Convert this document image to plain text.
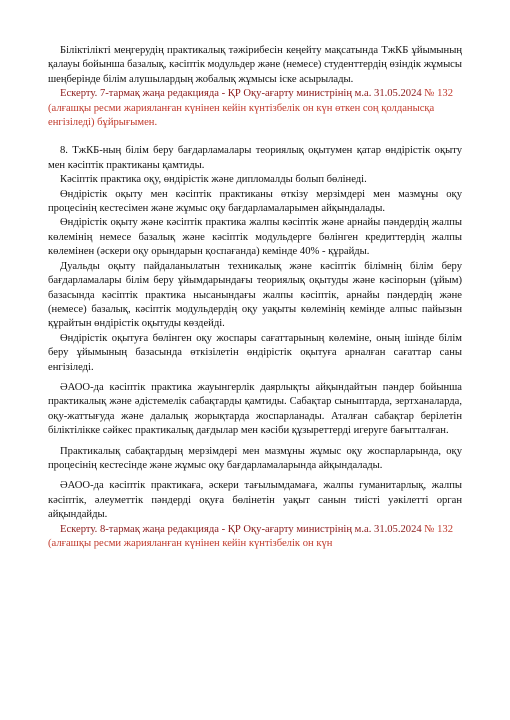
Біліктілікті меңгерудің практикалық тәжірибесін кеңейту мақсатында ТжКБ ұйымының қалауы бойынша базалық, кәсіптік модульдер және (немесе) студенттердің өзіндік жұмысы шеңберінде білім алушылардың жобалық жұмысы іске асырылады.

Ескерту. 7-тармақ жаңа редакцияда - ҚР Оқу-ағарту министрінің м.а. 31.05.2024 № 132 (алғашқы ресми жарияланған күнінен кейін күнтізбелік он күн өткен соң қолданысқа енгізіледі) бұйрығымен.

8. ТжКБ-ның білім беру бағдарламалары теориялық оқытумен қатар өндірістік оқыту мен кәсіптік практиканы қамтиды.

Кәсіптік практика оқу, өндірістік және дипломалды болып бөлінеді.

Өндірістік оқыту мен кәсіптік практиканы өткізу мерзімдері мен мазмұны оқу процесінің кестесімен және жұмыс оқу бағдарламаларымен айқындалады.

Өндірістік оқыту және кәсіптік практика жалпы кәсіптік және арнайы пәндердің жалпы көлемінің немесе базалық және кәсіптік модульдерге бөлінген кредиттердің жалпы көлемінен (әскери оқу орындарын қоспағанда) кемінде 40% - құрайды.

Дуальды оқыту пайдаланылатын техникалық және кәсіптік білімнің білім беру бағдарламалары білім беру ұйымдарындағы теориялық оқытуды және кәсіпорын (ұйым) базасында кәсіптік практика нысанындағы жалпы кәсіптік, арнайы пәндердің және (немесе) базалық, кәсіптік модульдердің оқу уақыты көлемінің кемінде алпыс пайызын құрайтын өндірістік оқытуды көздейді.

Өндірістік оқытуға бөлінген оқу жоспары сағаттарының көлеміне, оның ішінде білім беру ұйымының базасында өткізілетін өндірістік оқытуға арналған сағаттар саны енгізіледі.

ӘАОО-да кәсіптік практика жауынгерлік даярлықты айқындайтын пәндер бойынша практикалық және әдістемелік сабақтарды қамтиды. Сабақтар сыныптарда, зертханаларда, оқу-жаттығуда және далалық жорықтарда жоспарланады. Аталған сабақтар берілетін біліктілікке сәйкес практикалық дағдылар мен кәсіби құзыреттерді игеруге бағытталған.

Практикалық сабақтардың мерзімдері мен мазмұны жұмыс оқу жоспарларында, оқу процесінің кестесінде және жұмыс оқу бағдарламаларында айқындалады.

ӘАОО-да кәсіптік практикаға, әскери тағылымдамаға, жалпы гуманитарлық, жалпы кәсіптік, әлеуметтік пәндерді оқуға бөлінетін уақыт санын тиісті уәкілетті орган айқындайды.

Ескерту. 8-тармақ жаңа редакцияда - ҚР Оқу-ағарту министрінің м.а. 31.05.2024 № 132 (алғашқы ресми жарияланған күнінен кейін күнтізбелік он күн
